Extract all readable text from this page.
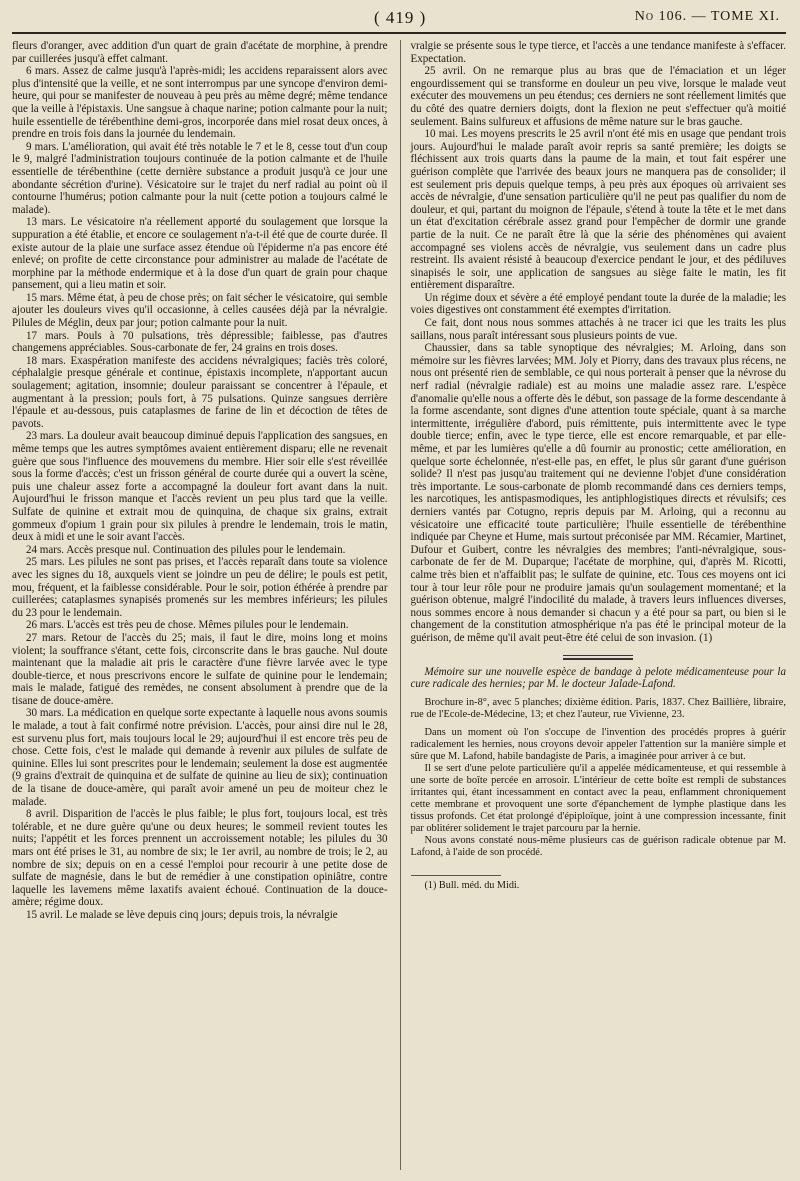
( 419 )	No 106. — TOME XI.

fleurs d'oranger, avec addition d'un quart de grain d'acétate de morphine, à prendre par cuillerées jusqu'à effet calmant.

6 mars. Assez de calme jusqu'à l'après-midi; les accidens reparaissent alors avec plus d'intensité que la veille, et ne sont interrompus par une syncope d'environ demi-heure, qui pour se manifester de nouveau à peu près au même degré; même tendance que la veille à l'épistaxis. Une sangsue à chaque narine; potion calmante pour la nuit; huile essentielle de térébenthine demi-gros, incorporée dans miel rosat deux onces, à prendre en trois fois dans la journée du lendemain.

9 mars. L'amélioration, qui avait été très notable le 7 et le 8, cesse tout d'un coup le 9, malgré l'administration toujours continuée de la potion calmante et de l'huile essentielle de térébenthine (cette dernière substance a produit jusqu'à ce jour une abondante sécrétion d'urine). Vésicatoire sur le trajet du nerf radial au point où il contourne l'humérus; potion calmante pour la nuit (cette potion a toujours calmé le malade).

13 mars. Le vésicatoire n'a réellement apporté du soulagement que lorsque la suppuration a été établie, et encore ce soulagement n'a-t-il été que de courte durée. Il existe autour de la plaie une surface assez étendue où l'épiderme n'a pas encore été enlevé; on profite de cette circonstance pour administrer au malade de l'acétate de morphine par la méthode endermique et à la dose d'un quart de grain pour chaque pansement, qui a lieu matin et soir.

15 mars. Même état, à peu de chose près; on fait sécher le vésicatoire, qui semble ajouter les douleurs vives qu'il occasionne, à celles causées déjà par la névralgie. Pilules de Méglin, deux par jour; potion calmante pour la nuit.

17 mars. Pouls à 70 pulsations, très dépressible; faiblesse, pas d'autres changemens appréciables. Sous-carbonate de fer, 24 grains en trois doses.

18 mars. Exaspération manifeste des accidens névralgiques; faciès très coloré, céphalalgie presque générale et continue, épistaxis incomplete, n'apportant aucun soulagement; agitation, insomnie; douleur paraissant se concentrer à l'épaule, et augmentant à la pression; pouls fort, à 75 pulsations. Quinze sangsues derrière l'épaule et au-dessous, puis cataplasmes de farine de lin et décoction de têtes de pavots.

23 mars. La douleur avait beaucoup diminué depuis l'application des sangsues, en même temps que les autres symptômes avaient entièrement disparu; elle ne revenait guère que sous l'influence des mouvemens du membre. Hier soir elle s'est réveillée sous la forme d'accès; c'est un frisson général de courte durée qui a ouvert la scène, puis une chaleur assez forte a accompagné la douleur fort avant dans la nuit. Aujourd'hui le frisson manque et l'accès revient un peu plus tard que la veille. Sulfate de quinine et extrait mou de quinquina, de chaque six grains, extrait gommeux d'opium 1 grain pour six pilules à prendre le lendemain, trois le matin, deux à midi et une le soir avant l'accès.

24 mars. Accès presque nul. Continuation des pilules pour le lendemain.

25 mars. Les pilules ne sont pas prises, et l'accès reparaît dans toute sa violence avec les signes du 18, auxquels vient se joindre un peu de délire; le pouls est petit, mou, fréquent, et la faiblesse considérable. Pour le soir, potion éthérée à prendre par cuillerées; cataplasmes synapisés promenés sur les membres inférieurs; les pilules du 23 pour le lendemain.

26 mars. L'accès est très peu de chose. Mêmes pilules pour le lendemain.

27 mars. Retour de l'accès du 25; mais, il faut le dire, moins long et moins violent; la souffrance s'étant, cette fois, circonscrite dans le bras gauche. Nul doute maintenant que la maladie ait pris le caractère d'une fièvre larvée avec le type double-tierce, et nous prescrivons encore le sulfate de quinine pour le lendemain; mais le malade, fatigué des remèdes, ne consent absolument à prendre que de la tisane de douce-amère.

30 mars. La médication en quelque sorte expectante à laquelle nous avons soumis le malade, a tout à fait confirmé notre prévision. L'accès, pour ainsi dire nul le 28, est survenu plus fort, mais toujours local le 29; aujourd'hui il est encore très peu de chose. Cette fois, c'est le malade qui demande à revenir aux pilules de sulfate de quinine. Elles lui sont prescrites pour le lendemain; seulement la dose est augmentée (9 grains d'extrait de quinquina et de sulfate de quinine au lieu de six); continuation de la tisane de douce-amère, qui paraît avoir amené un peu de moiteur chez le malade.

8 avril. Disparition de l'accès le plus faible; le plus fort, toujours local, est très tolérable, et ne dure guère qu'une ou deux heures; le sommeil revient toutes les nuits; l'appétit et les forces prennent un accroissement notable; les pilules du 30 mars ont été prises le 31, au nombre de six; le 1er avril, au nombre de trois; le 2, au nombre de six; depuis on en a cessé l'emploi pour recourir à une petite dose de sulfate de magnésie, dans le but de remédier à une constipation opiniâtre, contre laquelle les lavemens même laxatifs avaient échoué. Continuation de la douce-amère; régime doux.

15 avril. Le malade se lève depuis cinq jours; depuis trois, la névralgie

vralgie se présente sous le type tierce, et l'accès a une tendance manifeste à s'effacer. Expectation.

25 avril. On ne remarque plus au bras que de l'émaciation et un léger engourdissement qui se transforme en douleur un peu vive, lorsque le malade veut exécuter des mouvemens un peu étendus; ces derniers ne sont réellement limités que du côté des quatre derniers doigts, dont la flexion ne peut s'effectuer qu'à moitié seulement. Bains sulfureux et affusions de même nature sur le bras gauche.

10 mai. Les moyens prescrits le 25 avril n'ont été mis en usage que pendant trois jours. Aujourd'hui le malade paraît avoir repris sa santé première; les doigts se fléchissent aux trois quarts dans la paume de la main, et tout fait espérer une guérison complète que l'arrivée des beaux jours ne manquera pas de consolider; il est seulement pris depuis quelque temps, à peu près aux époques où arrivaient ses accès de névralgie, d'une sensation particulière qu'il ne peut pas qualifier du nom de douleur, et qui, partant du moignon de l'épaule, s'étend à toute la tête et le met dans un état d'excitation cérébrale assez grand pour l'empêcher de dormir une grande partie de la nuit. Ce ne paraît être là que la série des phénomènes qui avaient accompagné ses violens accès de névralgie, vus seulement dans un cadre plus restreint. Ils avaient résisté à beaucoup d'exercice pendant le jour, et des pédiluves sinapisés le soir, une application de sangsues au siège faite le matin, les fit entièrement disparaître.

Un régime doux et sévère a été employé pendant toute la durée de la maladie; les voies digestives ont constamment été exemptes d'irritation.

Ce fait, dont nous nous sommes attachés à ne tracer ici que les traits les plus saillans, nous paraît intéressant sous plusieurs points de vue.

Chaussier, dans sa table synoptique des névralgies; M. Arloing, dans son mémoire sur les fièvres larvées; MM. Joly et Piorry, dans des travaux plus récens, ne nous ont présenté rien de semblable, ce qui nous porterait à penser que la névrose du nerf radial (névralgie radiale) est au moins une maladie assez rare. L'espèce d'anomalie qu'elle nous a offerte dès le début, son passage de la forme descendante à la forme ascendante, sont dignes d'une attention toute spéciale, quant à sa marche intermittente, irrégulière d'abord, puis rémittente, puis intermittente avec le type double tierce; enfin, avec le type tierce, elle est encore remarquable, et par elle-même, et par les lumières qu'elle a dû fournir au pronostic; cette amélioration, en quelque sorte échelonnée, n'est-elle pas, en effet, le plus sûr garant d'une guérison solide? Il n'est pas jusqu'au traitement qui ne devienne l'objet d'une considération très importante. Le sous-carbonate de plomb recommandé dans ces derniers temps, les narcotiques, les antispasmodiques, les antiphlogistiques directs et révulsifs; ces derniers vantés par Cotugno, repris depuis par M. Arloing, qui a reconnu au vésicatoire une efficacité toute particulière; l'huile essentielle de térébenthine indiquée par Cheyne et Hume, mais surtout préconisée par MM. Récamier, Martinet, Dufour et Guibert, contre les névralgies des membres; l'anti-névralgique, sous-carbonate de fer de M. Duparque; l'acétate de morphine, qui, d'après M. Ricotti, calme très bien et n'affaiblit pas; le sulfate de quinine, etc. Tous ces moyens ont ici tour à tour leur rôle pour ne produire jamais qu'un soulagement momentané; et la guérison obtenue, malgré l'indocilité du malade, à travers leurs influences diverses, nous sommes encore à nous demander si chacun y a été pour sa part, ou bien si le changement de la constitution atmosphérique n'a pas été le principal moteur de la guérison, de même qu'il avait peut-être été celui de son invasion. (1)

Mémoire sur une nouvelle espèce de bandage à pelote médicamenteuse pour la cure radicale des hernies; par M. le docteur Jalade-Lafond.

Brochure in-8°, avec 5 planches; dixième édition. Paris, 1837. Chez Baillière, libraire, rue de l'Ecole-de-Médecine, 13; et chez l'auteur, rue Vivienne, 23.

Dans un moment où l'on s'occupe de l'invention des procédés propres à guérir radicalement les hernies, nous croyons devoir appeler l'attention sur la manière simple et sûre que M. Lafond, habile bandagiste de Paris, a imaginée pour arriver à ce but.

Il se sert d'une pelote particulière qu'il a appelée médicamenteuse, et qui ressemble à une sorte de boîte percée en arrosoir. L'intérieur de cette boîte est rempli de substances irritantes qui, étant incessamment en contact avec la peau, enflamment chroniquement cette membrane et provoquent une sorte d'épanchement de lymphe plastique dans les tissus profonds. Cet état prolongé d'épiploïque, joint à une compression incessante, finit par oblitérer solidement le trajet parcouru par la hernie.

Nous avons constaté nous-même plusieurs cas de guérison radicale obtenue par M. Lafond, à l'aide de son procédé.

(1) Bull. méd. du Midi.
